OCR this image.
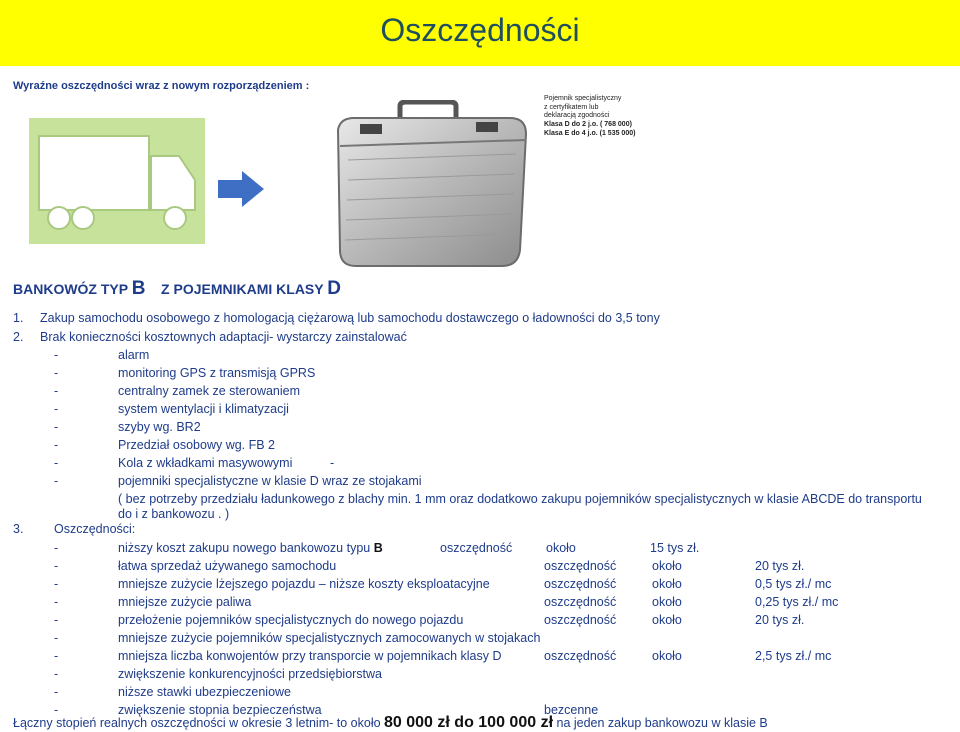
Oszczędności
Wyraźne oszczędności wraz z nowym rozporządzeniem :
Pojemnik specjalistyczny
z certyfikatem lub
deklaracją zgodności
Klasa D do 2 j.o. ( 768 000)
Klasa E do 4 j.o. (1 535 000)
BANKOWÓZ TYP B    Z POJEMNIKAMI KLASY D
1. Zakup samochodu osobowego z homologacją ciężarową lub samochodu dostawczego o ładowności do 3,5 tony
2. Brak konieczności kosztownych adaptacji- wystarczy zainstalować
-	alarm
-	monitoring GPS z transmisją GPRS
-	centralny zamek ze sterowaniem
-	system wentylacji i klimatyzacji
-	szyby wg. BR2
-	Przedział osobowy wg. FB 2
-	Kola z wkładkami masywowymi	-
-	pojemniki specjalistyczne w klasie D wraz ze stojakami
( bez potrzeby przedziału ładunkowego z blachy min. 1 mm oraz dodatkowo zakupu pojemników specjalistycznych w klasie ABCDE do transportu do i z bankowozu . )
3. Oszczędności:
-	niższy koszt zakupu nowego bankowozu typu B	oszczędność	około	15 tys zł.
-	łatwa sprzedaż używanego samochodu	oszczędność	około	20 tys zł.
-	mniejsze zużycie lżejszego pojazdu – niższe koszty eksploatacyjne	oszczędność	około	0,5 tys zł./ mc
-	mniejsze zużycie paliwa	oszczędność	około	0,25 tys zł./ mc
-	przełożenie pojemników specjalistycznych do nowego pojazdu	oszczędność	około	20 tys zł.
-	mniejsze zużycie pojemników specjalistycznych zamocowanych w stojakach
-	mniejsza liczba konwojentów przy transporcie w pojemnikach klasy D	oszczędność	około	2,5 tys zł./ mc
-	zwiększenie konkurencyjności przedsiębiorstwa
-	niższe stawki ubezpieczeniowe
-	zwiększenie stopnia bezpieczeństwa	bezcenne
Łączny stopień realnych oszczędności w okresie 3 letnim- to około 80 000 zł do 100 000 zł na jeden zakup bankowozu w klasie B
